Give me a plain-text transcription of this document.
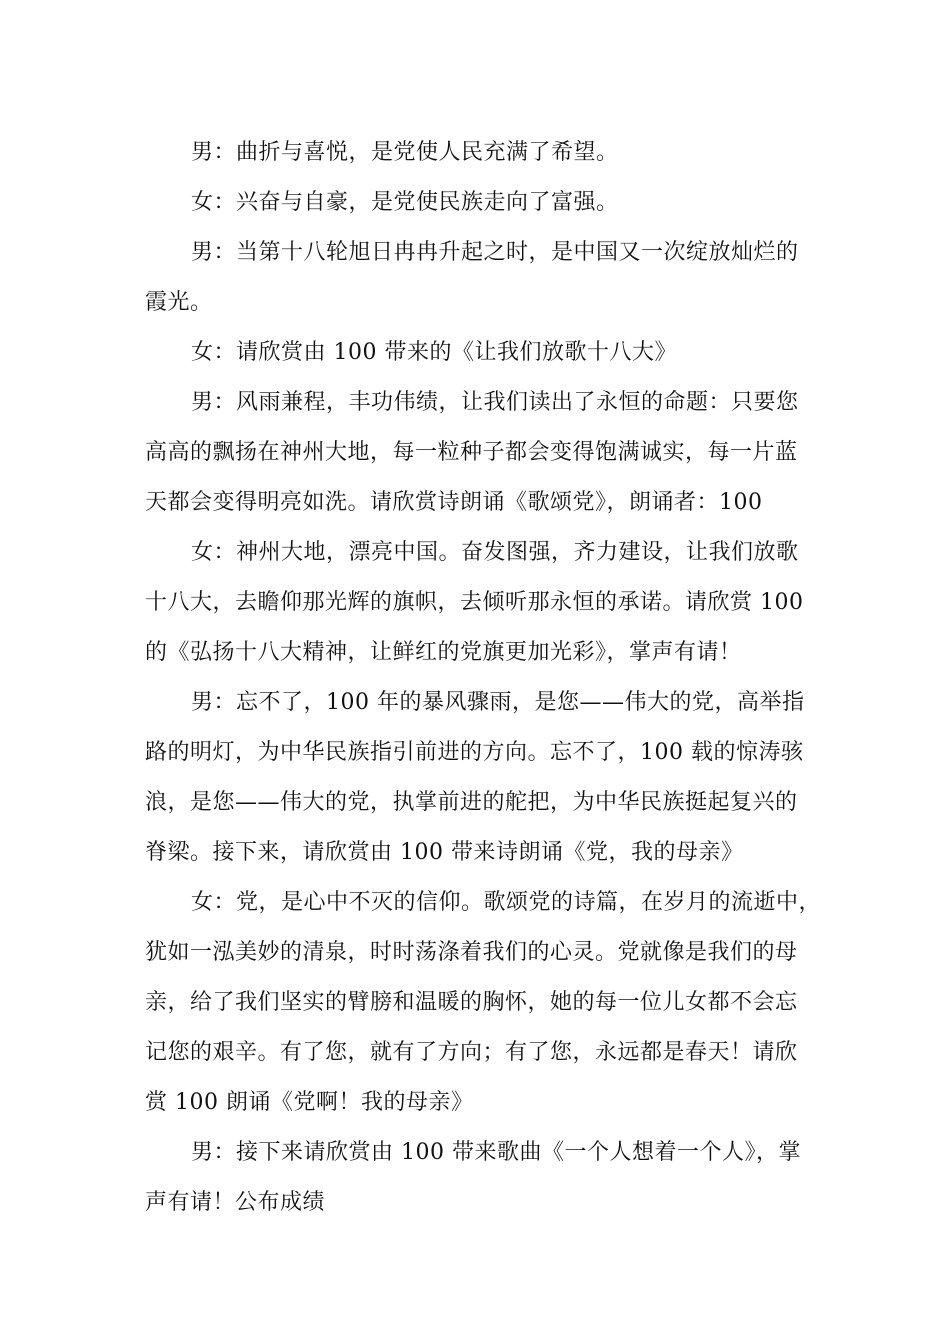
男：曲折与喜悦，是党使人民充满了希望。

女：兴奋与自豪，是党使民族走向了富强。

男：当第十八轮旭日冉冉升起之时，是中国又一次绽放灿烂的
霞光。

女：请欣赏由 100 带来的《让我们放歌十八大》

男：风雨兼程，丰功伟绩，让我们读出了永恒的命题：只要您
高高的飘扬在神州大地，每一粒种子都会变得饱满诚实，每一片蓝
天都会变得明亮如洗。请欣赏诗朗诵《歌颂党》，朗诵者：100

女：神州大地，漂亮中国。奋发图强，齐力建设，让我们放歌
十八大，去瞻仰那光辉的旗帜，去倾听那永恒的承诺。请欣赏 100
的《弘扬十八大精神，让鲜红的党旗更加光彩》，掌声有请！

男：忘不了，100 年的暴风骤雨，是您——伟大的党，高举指
路的明灯，为中华民族指引前进的方向。忘不了，100 载的惊涛骇
浪，是您——伟大的党，执掌前进的舵把，为中华民族挺起复兴的
脊梁。接下来，请欣赏由 100 带来诗朗诵《党，我的母亲》

女：党，是心中不灭的信仰。歌颂党的诗篇，在岁月的流逝中，
犹如一泓美妙的清泉，时时荡涤着我们的心灵。党就像是我们的母
亲，给了我们坚实的臂膀和温暖的胸怀，她的每一位儿女都不会忘
记您的艰辛。有了您，就有了方向；有了您，永远都是春天！请欣
赏 100 朗诵《党啊！我的母亲》

男：接下来请欣赏由 100 带来歌曲《一个人想着一个人》，掌
声有请！公布成绩
